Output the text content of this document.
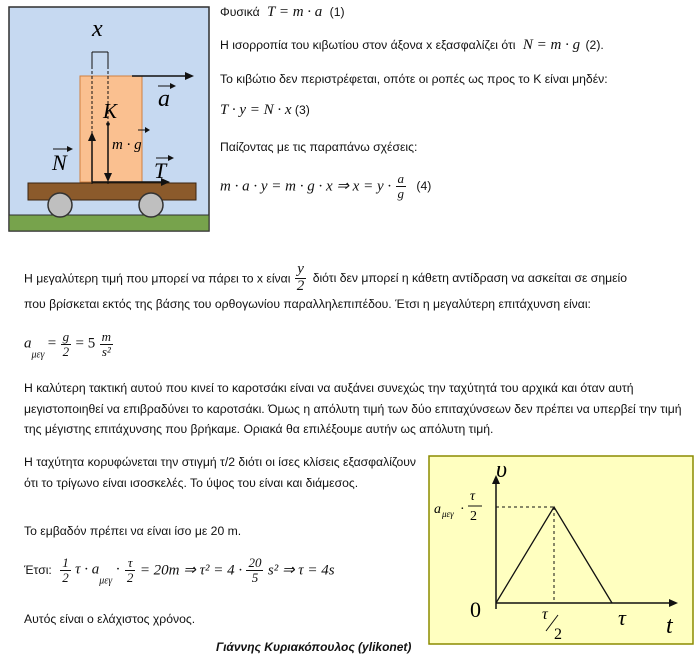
x
a
K
m · g
N	T
Φυσικά T = m · a (1)
Η ισορροπία του κιβωτίου στον άξονα x εξασφαλίζει ότι N = m · g (2).
Το κιβώτιο δεν περιστρέφεται, οπότε οι ροπές ως προς το Κ είναι μηδέν:
T · y = N · x (3)
Παίζοντας με τις παραπάνω σχέσεις:
m · a · y = m · g · x ⇒ $x = y \cdot \frac{a}{g} (4)$
Η μεγαλύτερη τιμή που μπορεί να πάρει το x είναι $\frac{y}{2}$ διότι δεν μπορεί η κάθετη αντίδραση να ασκείται σε σημείο
που βρίσκεται εκτός της βάσης του ορθογωνίου παραλληλεπιπέδου. Έτσι η μεγαλύτερη επιτάχυνση είναι:
$a_{\mu\varepsilon\gamma} = \frac{g}{2} = 5 \frac{m}{\text{s²}}$
Η καλύτερη τακτική αυτού που κινεί το καροτσάκι είναι να αυξάνει συνεχώς την ταχύτητά του αρχικά και όταν αυτή μεγιστοποιηθεί να επιβραδύνει το καροτσάκι. Όμως η απόλυτη τιμή των δύο επιταχύνσεων δεν πρέπει να υπερβεί την τιμή της μέγιστης επιτάχυνσης που βρήκαμε. Οριακά θα επιλέξουμε αυτήν ως απόλυτη τιμή.
Η ταχύτητα κορυφώνεται την στιγμή τ/2 διότι οι ίσες κλίσεις εξασφαλίζουν ότι το τρίγωνο είναι ισοσκελές. Το ύψος του είναι και διάμεσος.
Το εμβαδόν πρέπει να είναι ίσο με 20 m.
Έτσι: $\frac{1}{2}$ $\tau \cdot a_{\mu\varepsilon\gamma} \cdot \frac{\tau}{2} = 20m$ ⇒ $\tau^2 = 4 \cdot \frac{20}{5} s^2$ ⇒ τ = 4s
Αυτός είναι ο ελάχιστος χρόνος.
υ
t
0	τ
a μεγ ·
τ
2
τ
2
Γιάννης Κυριακόπουλος (ylikonet)
